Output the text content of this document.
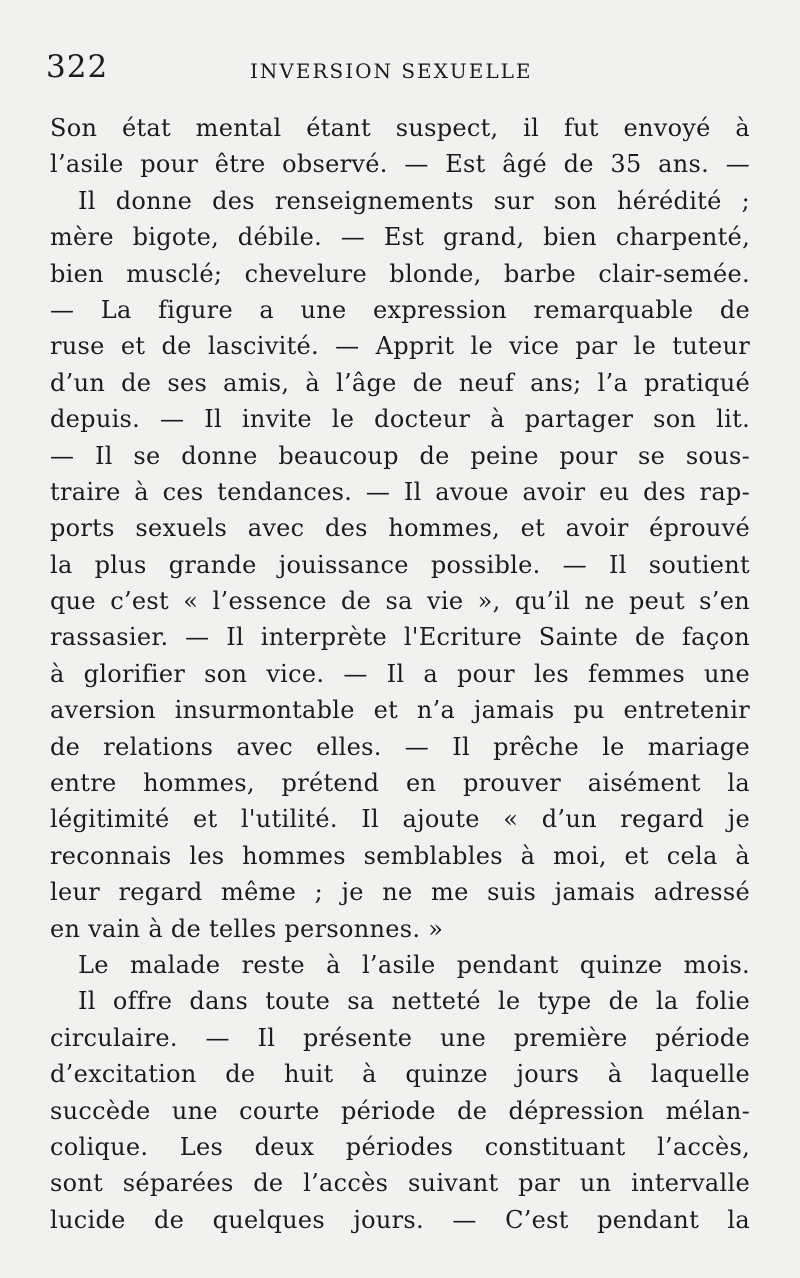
322	INVERSION SEXUELLE
Son état mental étant suspect, il fut envoyé à
l’asile pour être observé. — Est âgé de 35 ans. —
Il donne des renseignements sur son hérédité ;
mère bigote, débile. — Est grand, bien charpenté,
bien musclé; chevelure blonde, barbe clair-semée.
— La figure a une expression remarquable de
ruse et de lascivité. — Apprit le vice par le tuteur
d’un de ses amis, à l’âge de neuf ans; l’a pratiqué
depuis. — Il invite le docteur à partager son lit.
— Il se donne beaucoup de peine pour se sous-
traire à ces tendances. — Il avoue avoir eu des rap-
ports sexuels avec des hommes, et avoir éprouvé
la plus grande jouissance possible. — Il soutient
que c’est « l’essence de sa vie », qu’il ne peut s’en
rassasier. — Il interprète l'Ecriture Sainte de façon
à glorifier son vice. — Il a pour les femmes une
aversion insurmontable et n’a jamais pu entretenir
de relations avec elles. — Il prêche le mariage
entre hommes, prétend en prouver aisément la
légitimité et l'utilité. Il ajoute « d’un regard je
reconnais les hommes semblables à moi, et cela à
leur regard même ; je ne me suis jamais adressé
en vain à de telles personnes. »
Le malade reste à l’asile pendant quinze mois.
Il offre dans toute sa netteté le type de la folie
circulaire. — Il présente une première période
d’excitation de huit à quinze jours à laquelle
succède une courte période de dépression mélan-
colique. Les deux périodes constituant l’accès,
sont séparées de l’accès suivant par un intervalle
lucide de quelques jours. — C’est pendant la
